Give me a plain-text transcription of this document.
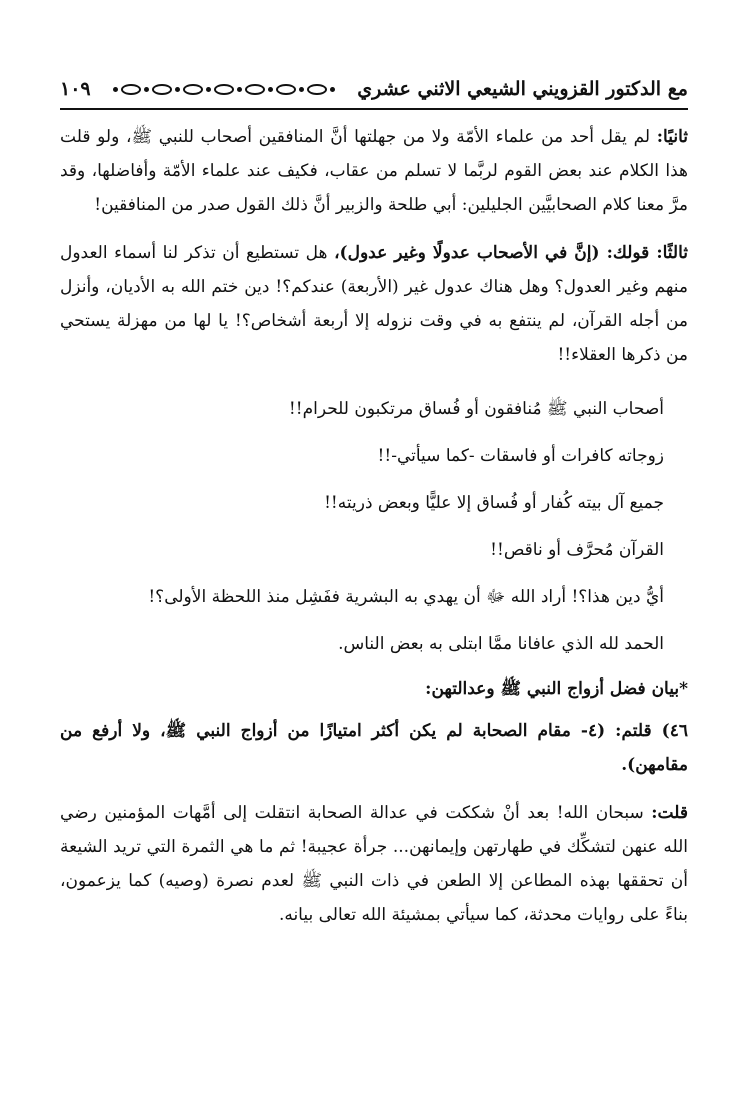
مع الدكتور القزويني الشيعي الاثني عشري
١٠٩

ثانيًا: لم يقل أحد من علماء الأمّة ولا من جهلتها أنَّ المنافقين أصحاب للنبي ﷺ، ولو قلت هذا الكلام عند بعض القوم لربَّما لا تسلم من عقاب، فكيف عند علماء الأمّة وأفاضلها، وقد مرَّ معنا كلام الصحابيَّين الجليلين: أبي طلحة والزبير أنَّ ذلك القول صدر من المنافقين!

ثالثًا: قولك: (إنَّ في الأصحاب عدولًا وغير عدول)، هل تستطيع أن تذكر لنا أسماء العدول منهم وغير العدول؟ وهل هناك عدول غير (الأربعة) عندكم؟! دين ختم الله به الأديان، وأنزل من أجله القرآن، لم ينتفع به في وقت نزوله إلا أربعة أشخاص؟! يا لها من مهزلة يستحي من ذكرها العقلاء!!

أصحاب النبي ﷺ مُنافقون أو فُساق مرتكبون للحرام!!

زوجاته كافرات أو فاسقات -كما سيأتي-!!

جميع آل بيته كُفار أو فُساق إلا عليًّا وبعض ذريته!!

القرآن مُحرَّف أو ناقص!!

أيُّ دين هذا؟! أراد الله ﷻ أن يهدي به البشرية ففَشِل منذ اللحظة الأولى؟!

الحمد لله الذي عافانا ممَّا ابتلى به بعض الناس.

*بيان فضل أزواج النبي ﷺ وعدالتهن:

٤٦) قلتم: (٤- مقام الصحابة لم يكن أكثر امتيازًا من أزواج النبي ﷺ، ولا أرفع من مقامهن).

قلت: سبحان الله! بعد أنْ شككت في عدالة الصحابة انتقلت إلى أمَّهات المؤمنين رضي الله عنهن لتشكِّك في طهارتهن وإيمانهن... جرأة عجيبة! ثم ما هي الثمرة التي تريد الشيعة أن تحققها بهذه المطاعن إلا الطعن في ذات النبي ﷺ لعدم نصرة (وصيه) كما يزعمون، بناءً على روايات محدثة، كما سيأتي بمشيئة الله تعالى بيانه.
